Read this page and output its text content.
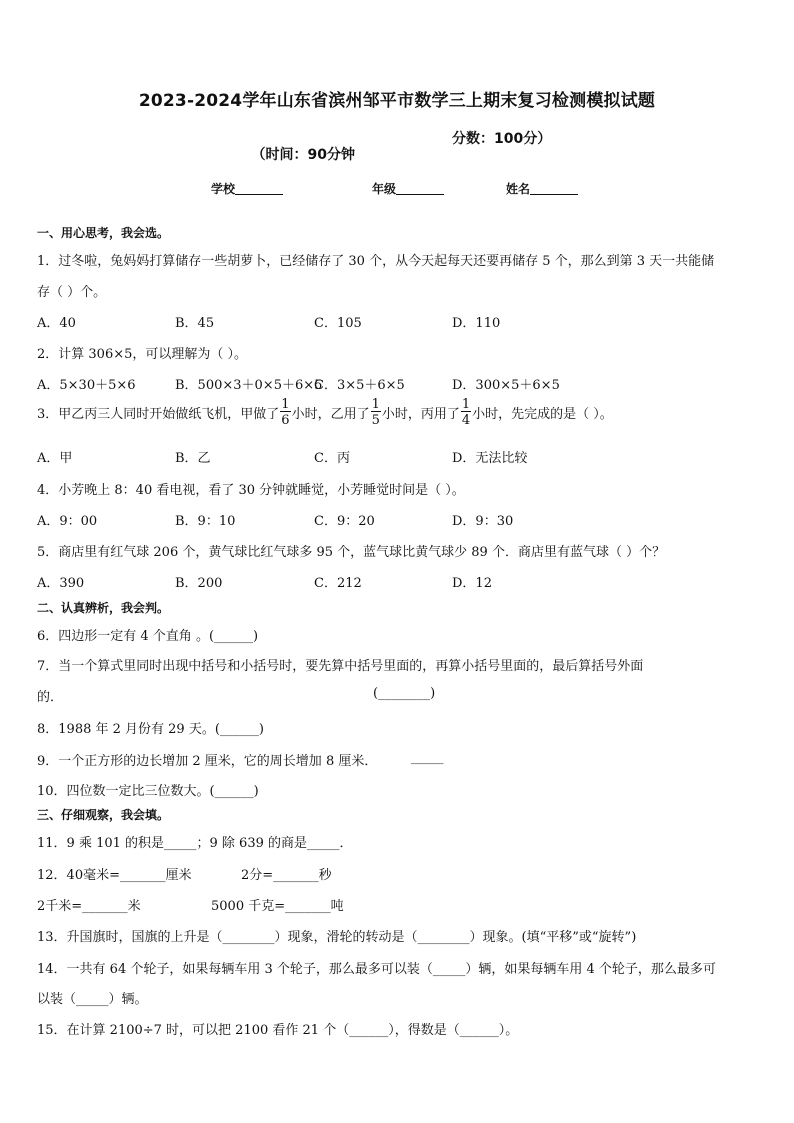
2023-2024学年山东省滨州邹平市数学三上期末复习检测模拟试题

（时间：90分钟

分数：100分）

学校	年级	姓名
一、用心思考，我会选。
1．过冬啦，兔妈妈打算储存一些胡萝卜，已经储存了 30 个，从今天起每天还要再储存 5 个，那么到第 3 天一共能储
存（ ）个。
A．40	B．45	C．105	D．110
2．计算 306×5，可以理解为（ ）。
A．5×30＋5×6	B．500×3＋0×5＋6×5
C．3×5＋6×5	D．300×5＋6×5
3．甲乙丙三人同时开始做纸飞机，甲做了 $\frac{1}{6}$ 小时，乙用了 $\frac{1}{5}$ 小时，丙用了 $\frac{1}{4}$ 小时，先完成的是（ ）。
A．甲	B．乙	C．丙	D．无法比较
4．小芳晚上 8：40 看电视，看了 30 分钟就睡觉，小芳睡觉时间是（ ）。
A．9：00	B．9：10	C．9：20	D．9：30
5．商店里有红气球 206 个，黄气球比红气球多 95 个，蓝气球比黄气球少 89 个．商店里有蓝气球（ ）个？
A．390	B．200	C．212	D．12
二、认真辨析，我会判。
6．四边形一定有 4 个直角 。(______)
7．当一个算式里同时出现中括号和小括号时，要先算中括号里面的，再算小括号里面的，最后算括号外面
的．	(________)
8．1988 年 2 月份有 29 天。(______)
9．一个正方形的边长增加 2 厘米，它的周长增加 8 厘米．	_____
10．四位数一定比三位数大。(______)
三、仔细观察，我会填。
11．9 乘 101 的积是_____；9 除 639 的商是_____．
12．40毫米=_______厘米	2分=_______秒
2千米=_______米	5000 千克=_______吨
13．升国旗时，国旗的上升是（________）现象，滑轮的转动是（________）现象。(填“平移”或“旋转”)
14．一共有 64 个轮子，如果每辆车用 3 个轮子，那么最多可以装（_____）辆，如果每辆车用 4 个轮子，那么最多可
以装（_____）辆。
15．在计算 2100÷7 时，可以把 2100 看作 21 个（______），得数是（______）。
